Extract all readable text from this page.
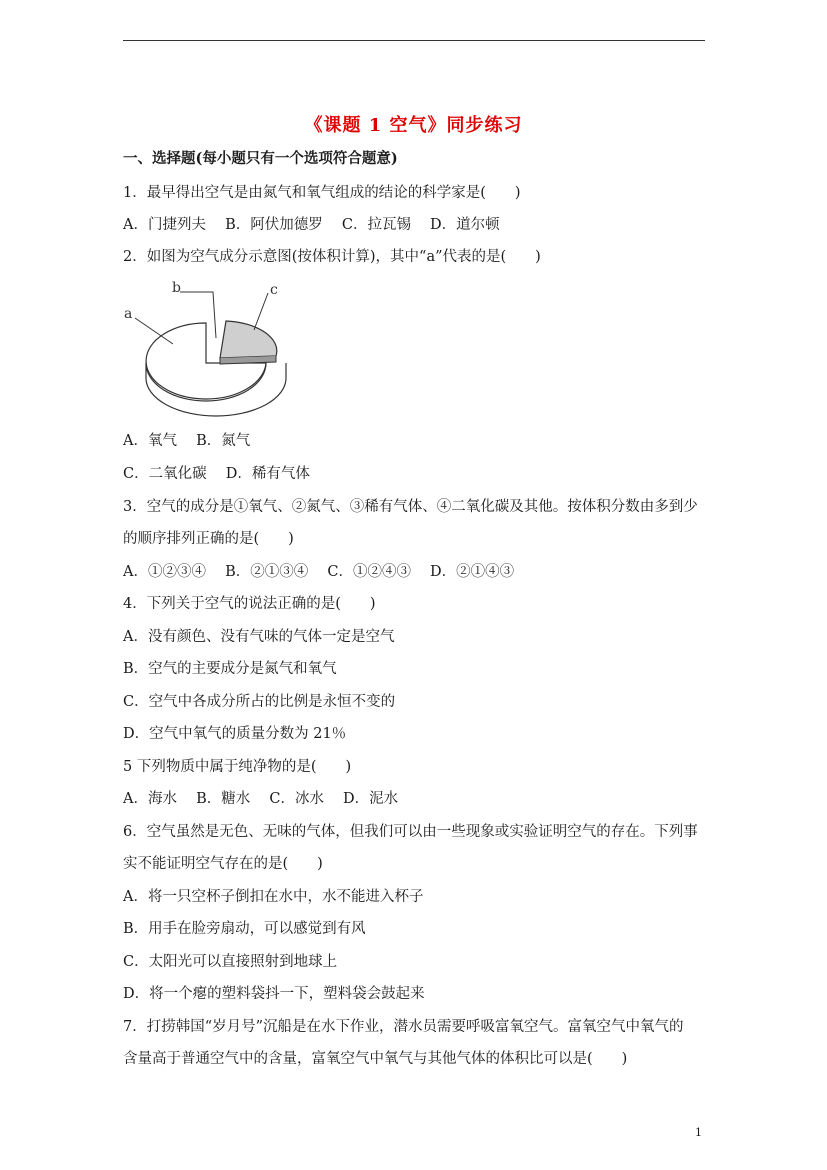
《课题 1 空气》同步练习
一、选择题(每小题只有一个选项符合题意)
1．最早得出空气是由氮气和氧气组成的结论的科学家是(　　)
A．门捷列夫　 B．阿伏加德罗　 C．拉瓦锡　 D．道尔顿
2．如图为空气成分示意图(按体积计算)，其中“a”代表的是(　　)
a
b	c
A．氧气　 B．氮气
C．二氧化碳　 D．稀有气体
3．空气的成分是①氧气、②氮气、③稀有气体、④二氧化碳及其他。按体积分数由多到少
的顺序排列正确的是(　　)
A．①②③④　 B．②①③④　 C．①②④③　 D．②①④③
4．下列关于空气的说法正确的是(　　)
A．没有颜色、没有气味的气体一定是空气
B．空气的主要成分是氮气和氧气
C．空气中各成分所占的比例是永恒不变的
D．空气中氧气的质量分数为 21％
5 下列物质中属于纯净物的是(　　)
A．海水　 B．糖水　 C．冰水　 D．泥水
6．空气虽然是无色、无味的气体，但我们可以由一些现象或实验证明空气的存在。下列事
实不能证明空气存在的是(　　)
A．将一只空杯子倒扣在水中，水不能进入杯子
B．用手在脸旁扇动，可以感觉到有风
C．太阳光可以直接照射到地球上
D．将一个瘪的塑料袋抖一下，塑料袋会鼓起来
7．打捞韩国“岁月号”沉船是在水下作业，潜水员需要呼吸富氧空气。富氧空气中氧气的
含量高于普通空气中的含量，富氧空气中氧气与其他气体的体积比可以是(　　)
1
